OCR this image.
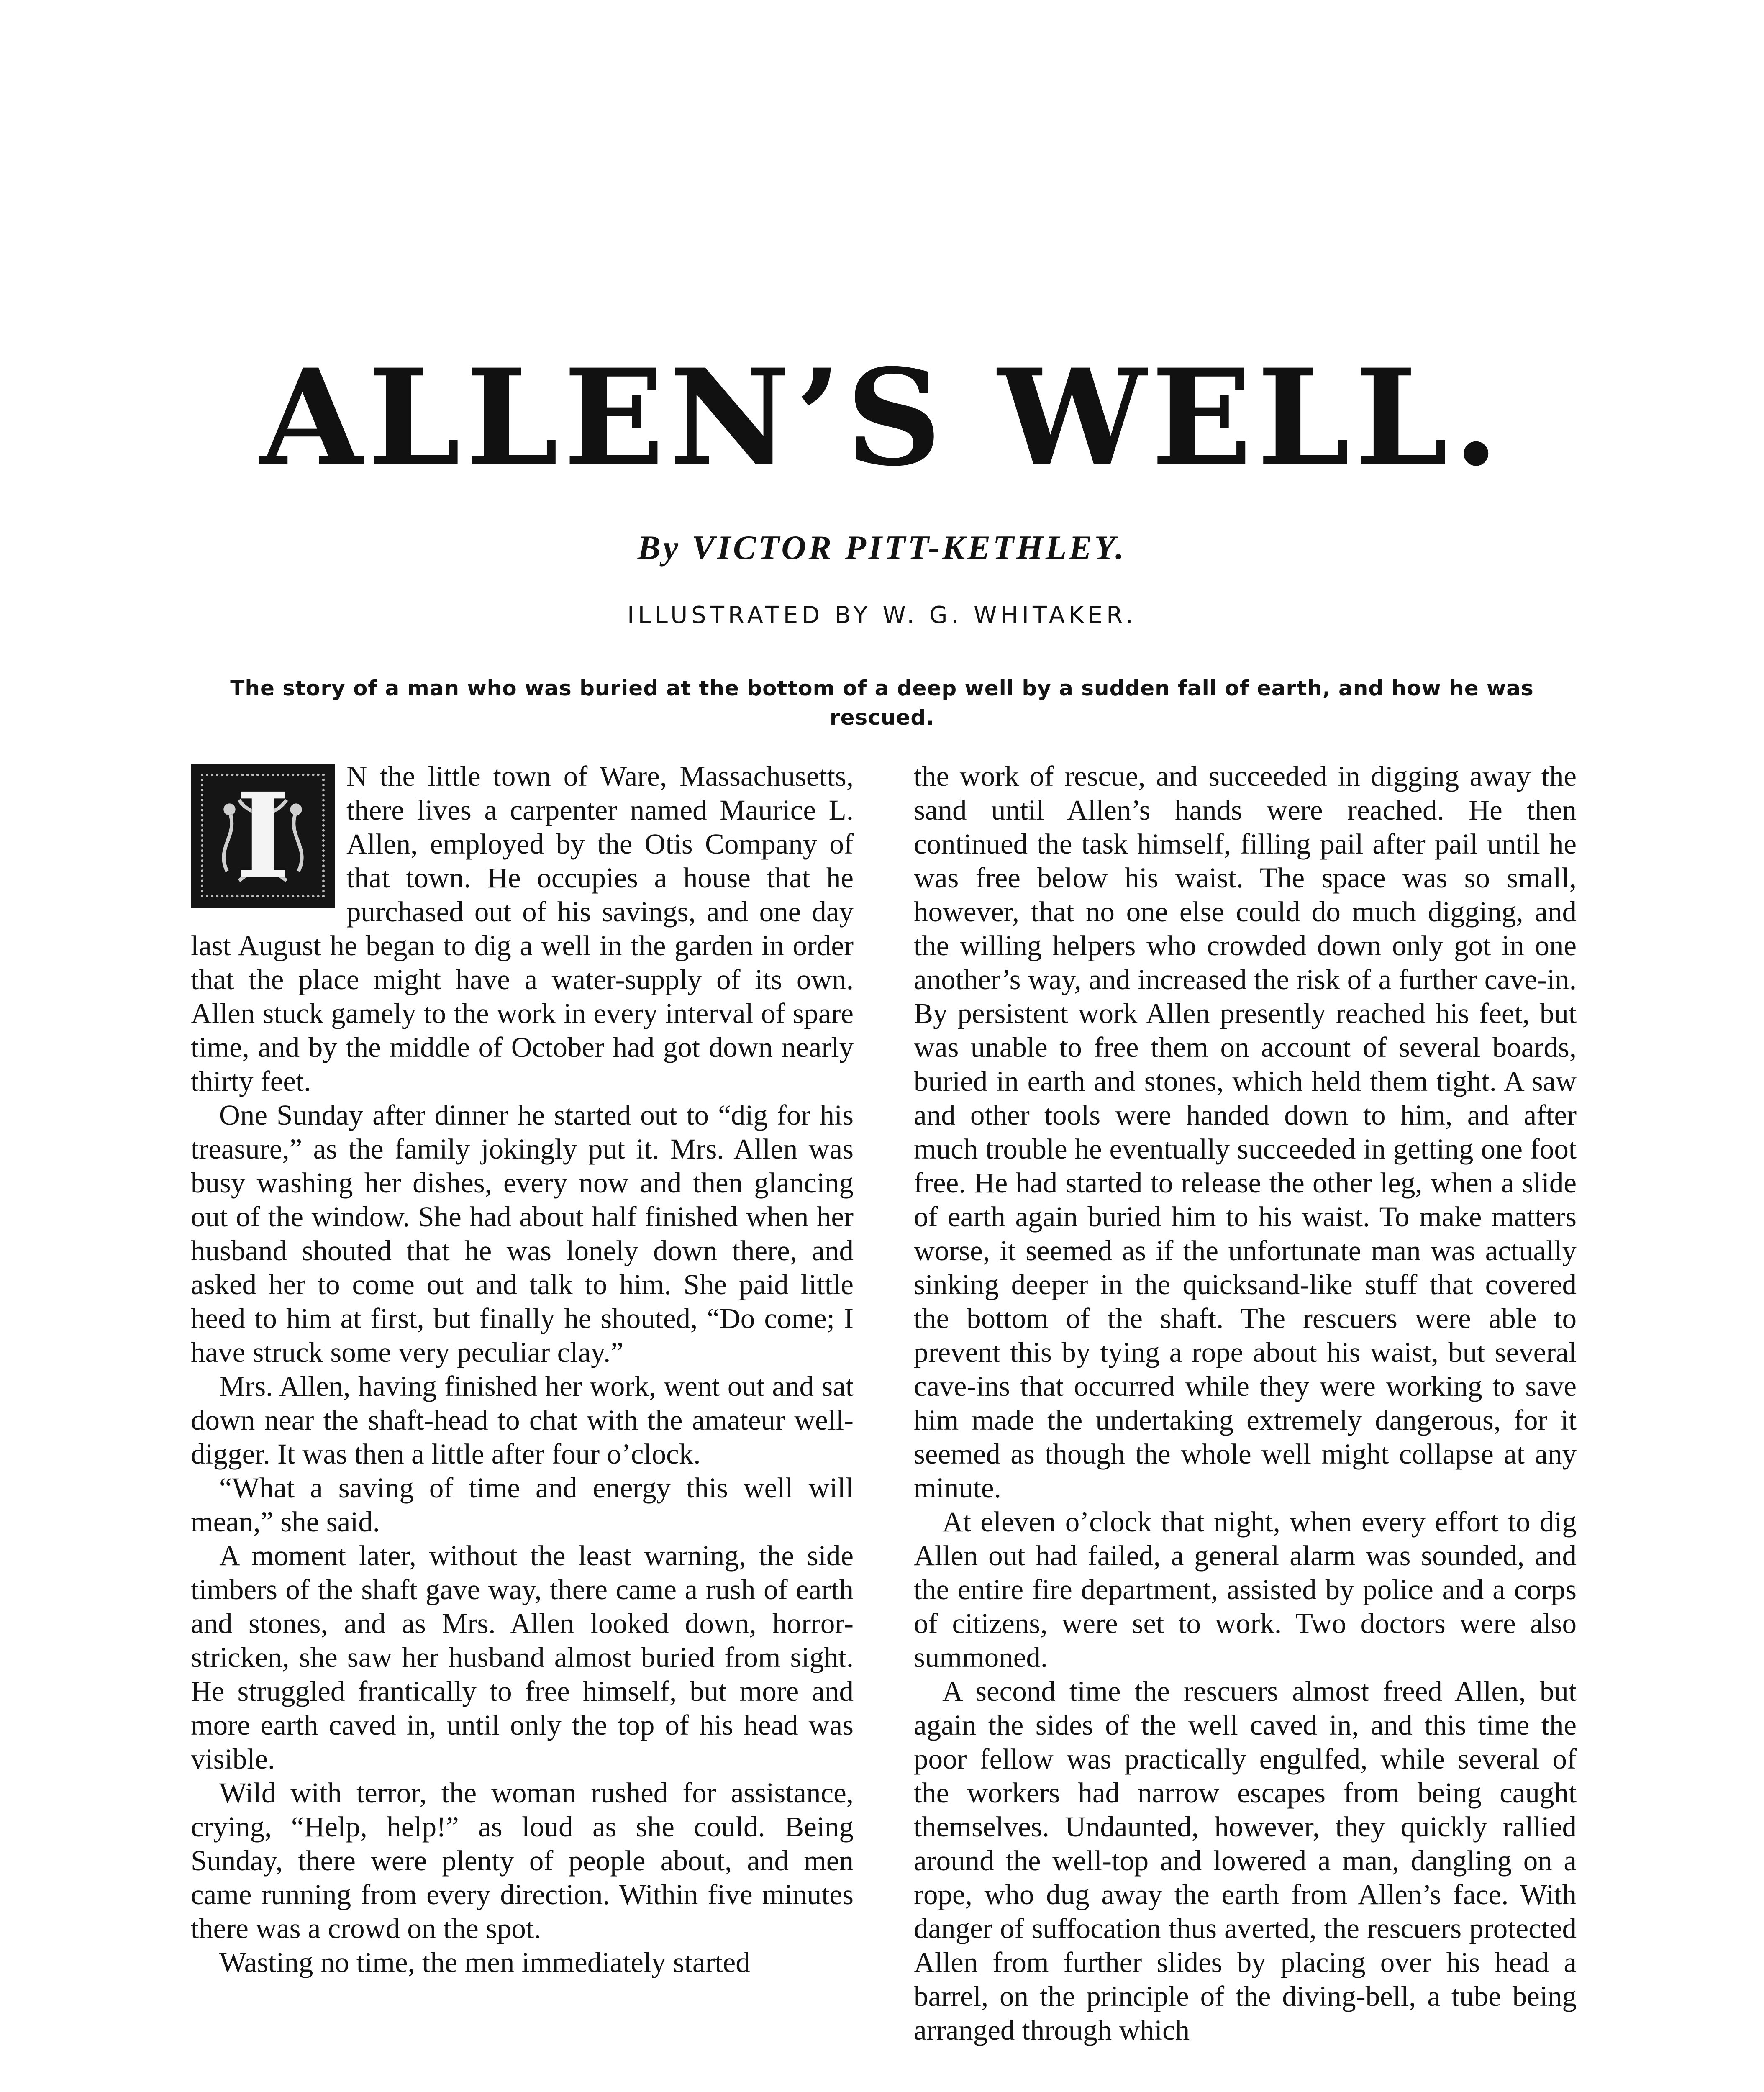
ALLEN’S WELL.

By VICTOR PITT-KETHLEY.

ILLUSTRATED BY W. G. WHITAKER.

The story of a man who was buried at the bottom of a deep well by a sudden fall of earth, and how he was rescued.

I	N the little town of Ware, Massachusetts, there lives a carpenter named Maurice L. Allen, employed by the Otis Company of that town. He occupies a house that he purchased out of his savings, and one day last August he began to dig a well in the garden in order that the place might have a water-supply of its own. Allen stuck gamely to the work in every interval of spare time, and by the middle of October had got down nearly thirty feet.

One Sunday after dinner he started out to “dig for his treasure,” as the family jokingly put it. Mrs. Allen was busy washing her dishes, every now and then glancing out of the window. She had about half finished when her husband shouted that he was lonely down there, and asked her to come out and talk to him. She paid little heed to him at first, but finally he shouted, “Do come; I have struck some very peculiar clay.”

Mrs. Allen, having finished her work, went out and sat down near the shaft-head to chat with the amateur well-digger. It was then a little after four o’clock.

“What a saving of time and energy this well will mean,” she said.

A moment later, without the least warning, the side timbers of the shaft gave way, there came a rush of earth and stones, and as Mrs. Allen looked down, horror-stricken, she saw her husband almost buried from sight. He struggled frantically to free himself, but more and more earth caved in, until only the top of his head was visible.

Wild with terror, the woman rushed for assistance, crying, “Help, help!” as loud as she could. Being Sunday, there were plenty of people about, and men came running from every direction. Within five minutes there was a crowd on the spot.

Wasting no time, the men immediately started

the work of rescue, and succeeded in digging away the sand until Allen’s hands were reached. He then continued the task himself, filling pail after pail until he was free below his waist. The space was so small, however, that no one else could do much digging, and the willing helpers who crowded down only got in one another’s way, and increased the risk of a further cave-in. By persistent work Allen presently reached his feet, but was unable to free them on account of several boards, buried in earth and stones, which held them tight. A saw and other tools were handed down to him, and after much trouble he eventually succeeded in getting one foot free. He had started to release the other leg, when a slide of earth again buried him to his waist. To make matters worse, it seemed as if the unfortunate man was actually sinking deeper in the quicksand-like stuff that covered the bottom of the shaft. The rescuers were able to prevent this by tying a rope about his waist, but several cave-ins that occurred while they were working to save him made the undertaking extremely dangerous, for it seemed as though the whole well might collapse at any minute.

At eleven o’clock that night, when every effort to dig Allen out had failed, a general alarm was sounded, and the entire fire department, assisted by police and a corps of citizens, were set to work. Two doctors were also summoned.

A second time the rescuers almost freed Allen, but again the sides of the well caved in, and this time the poor fellow was practically engulfed, while several of the workers had narrow escapes from being caught themselves. Undaunted, however, they quickly rallied around the well-top and lowered a man, dangling on a rope, who dug away the earth from Allen’s face. With danger of suffocation thus averted, the rescuers protected Allen from further slides by placing over his head a barrel, on the principle of the diving-bell, a tube being arranged through which
